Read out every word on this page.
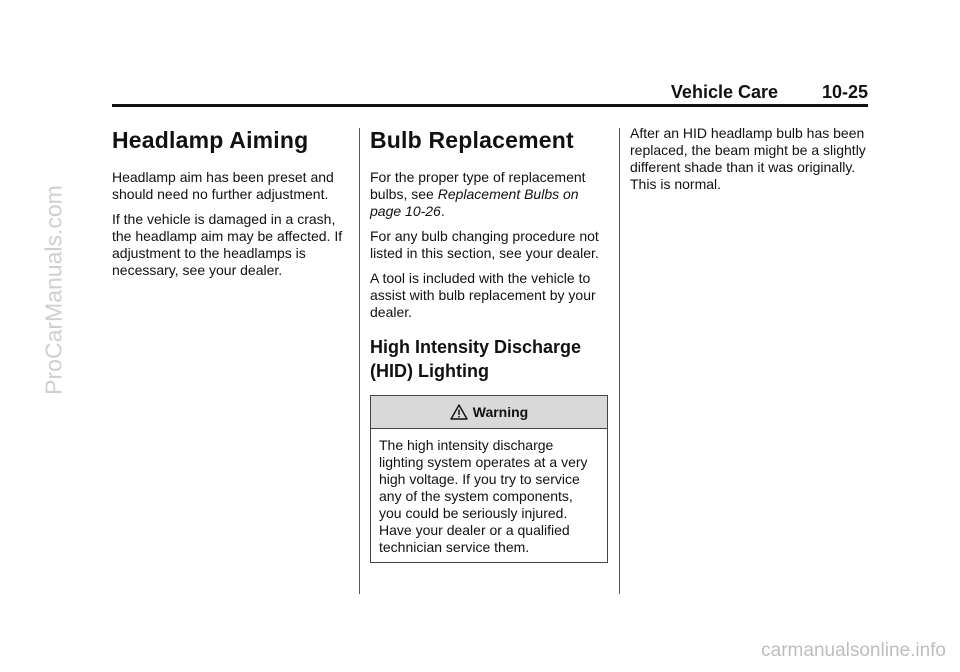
ProCarManuals.com
Vehicle Care 10-25
Headlamp Aiming

Headlamp aim has been preset and should need no further adjustment.

If the vehicle is damaged in a crash, the headlamp aim may be affected. If adjustment to the headlamps is necessary, see your dealer.

Bulb Replacement

For the proper type of replacement bulbs, see Replacement Bulbs on page 10-26.

For any bulb changing procedure not listed in this section, see your dealer.

A tool is included with the vehicle to assist with bulb replacement by your dealer.

High Intensity Discharge (HID) Lighting
Warning
The high intensity discharge lighting system operates at a very high voltage. If you try to service any of the system components, you could be seriously injured. Have your dealer or a qualified technician service them.

After an HID headlamp bulb has been replaced, the beam might be a slightly different shade than it was originally. This is normal.

carmanualsonline.info
